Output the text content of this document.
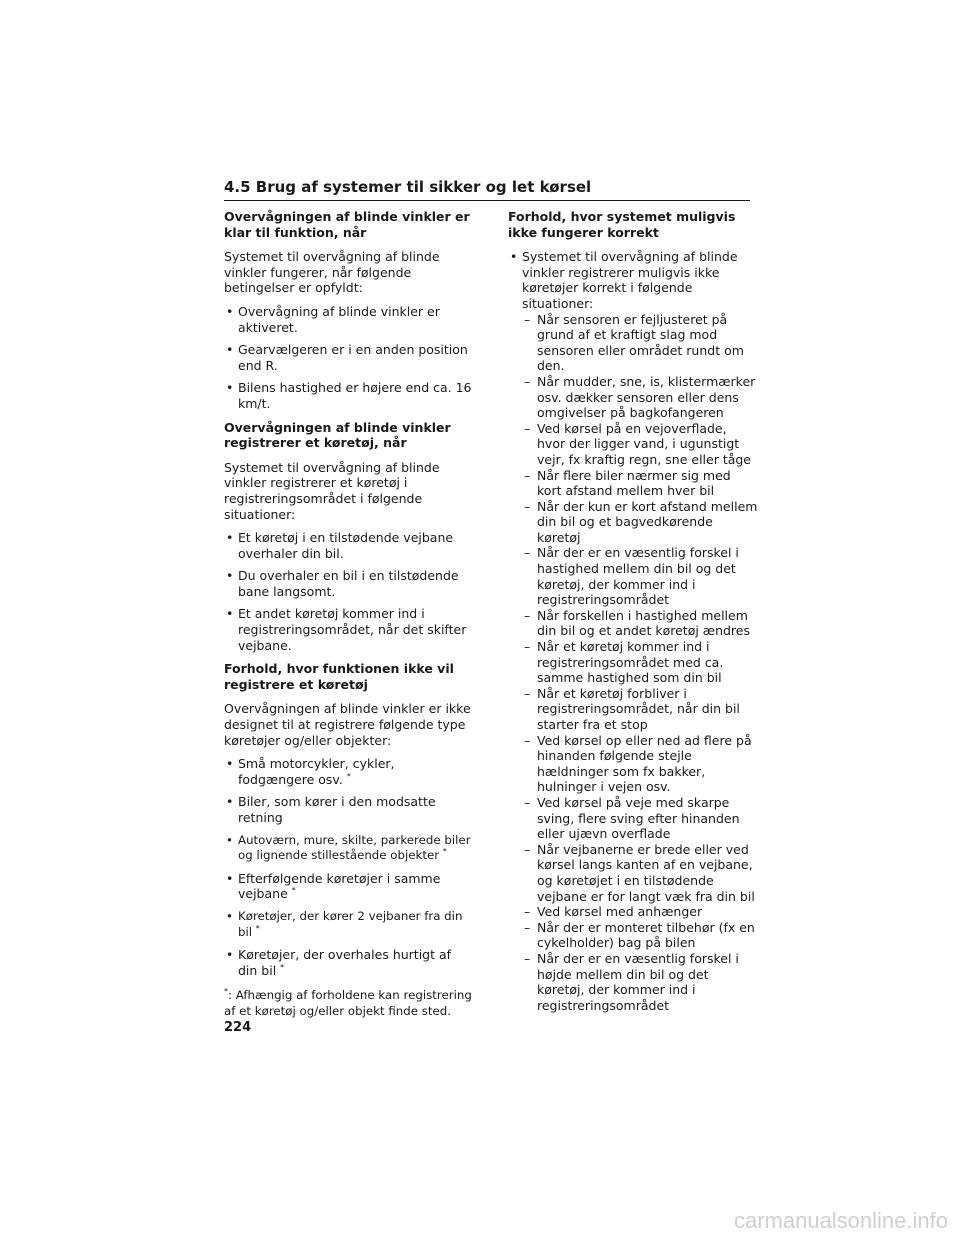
4.5 Brug af systemer til sikker og let kørsel
Overvågningen af blinde vinkler er klar til funktion, når

Systemet til overvågning af blinde vinkler fungerer, når følgende betingelser er opfyldt:

• Overvågning af blinde vinkler er aktiveret.
• Gearvælgeren er i en anden position end R.
• Bilens hastighed er højere end ca. 16 km/t.
Overvågningen af blinde vinkler registrerer et køretøj, når

Systemet til overvågning af blinde vinkler registrerer et køretøj i registreringsområdet i følgende situationer:

• Et køretøj i en tilstødende vejbane overhaler din bil.
• Du overhaler en bil i en tilstødende bane langsomt.
• Et andet køretøj kommer ind i registreringsområdet, når det skifter vejbane.
Forhold, hvor funktionen ikke vil registrere et køretøj

Overvågningen af blinde vinkler er ikke designet til at registrere følgende type køretøjer og/eller objekter:

• Små motorcykler, cykler, fodgængere osv. *
• Biler, som kører i den modsatte retning
• Autoværn, mure, skilte, parkerede biler og lignende stillestående objekter *
• Efterfølgende køretøjer i samme vejbane *
• Køretøjer, der kører 2 vejbaner fra din bil *
• Køretøjer, der overhales hurtigt af din bil *
*: Afhængig af forholdene kan registrering af et køretøj og/eller objekt finde sted.
Forhold, hvor systemet muligvis ikke fungerer korrekt
• Systemet til overvågning af blinde vinkler registrerer muligvis ikke køretøjer korrekt i følgende situationer:
– Når sensoren er fejljusteret på grund af et kraftigt slag mod sensoren eller området rundt om den.
– Når mudder, sne, is, klistermærker osv. dækker sensoren eller dens omgivelser på bagkofangeren
– Ved kørsel på en vejoverflade, hvor der ligger vand, i ugunstigt vejr, fx kraftig regn, sne eller tåge
– Når flere biler nærmer sig med kort afstand mellem hver bil
– Når der kun er kort afstand mellem din bil og et bagvedkørende køretøj
– Når der er en væsentlig forskel i hastighed mellem din bil og det køretøj, der kommer ind i registreringsområdet
– Når forskellen i hastighed mellem din bil og et andet køretøj ændres
– Når et køretøj kommer ind i registreringsområdet med ca. samme hastighed som din bil
– Når et køretøj forbliver i registreringsområdet, når din bil starter fra et stop
– Ved kørsel op eller ned ad flere på hinanden følgende stejle hældninger som fx bakker, hulninger i vejen osv.
– Ved kørsel på veje med skarpe sving, flere sving efter hinanden eller ujævn overflade
– Når vejbanerne er brede eller ved kørsel langs kanten af en vejbane, og køretøjet i en tilstødende vejbane er for langt væk fra din bil
– Ved kørsel med anhænger
– Når der er monteret tilbehør (fx en cykelholder) bag på bilen
– Når der er en væsentlig forskel i højde mellem din bil og det køretøj, der kommer ind i registreringsområdet
224
carmanualsonline.info
